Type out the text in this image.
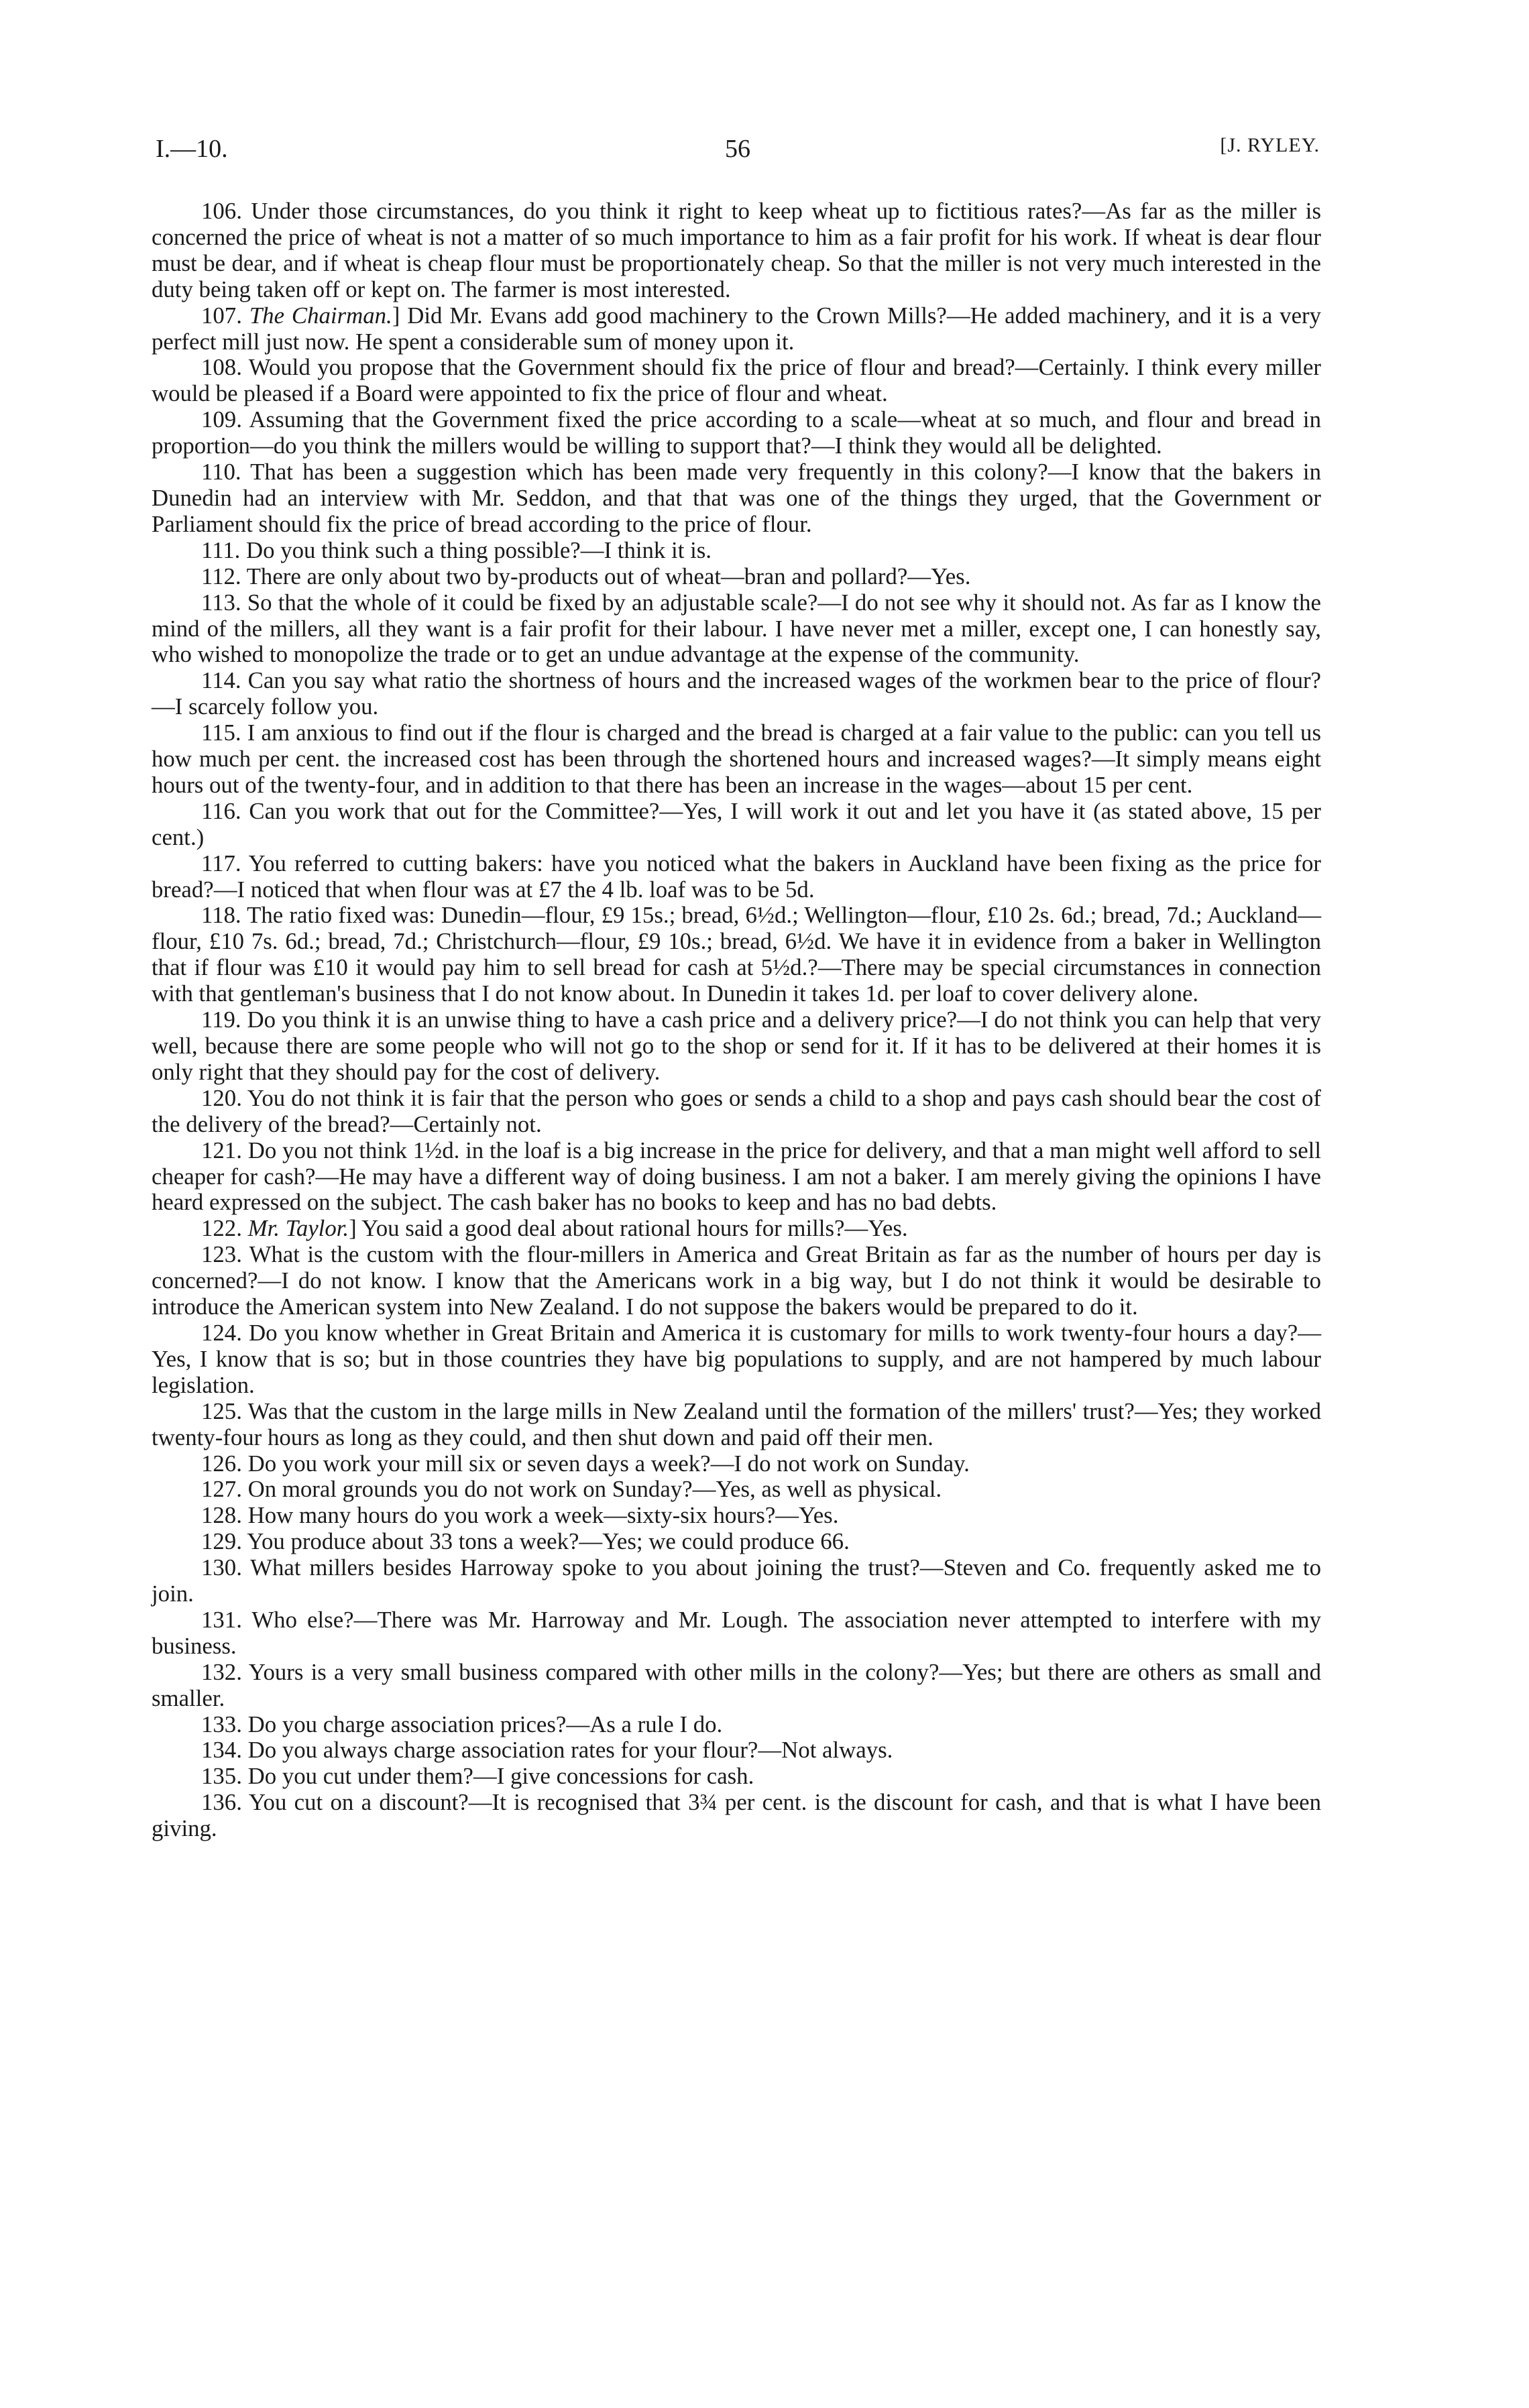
I.—10.	56	[J. RYLEY.

106. Under those circumstances, do you think it right to keep wheat up to fictitious rates?—As far as the miller is concerned the price of wheat is not a matter of so much importance to him as a fair profit for his work. If wheat is dear flour must be dear, and if wheat is cheap flour must be proportionately cheap. So that the miller is not very much interested in the duty being taken off or kept on. The farmer is most interested.

107. The Chairman.] Did Mr. Evans add good machinery to the Crown Mills?—He added machinery, and it is a very perfect mill just now. He spent a considerable sum of money upon it.

108. Would you propose that the Government should fix the price of flour and bread?—Certainly. I think every miller would be pleased if a Board were appointed to fix the price of flour and wheat.

109. Assuming that the Government fixed the price according to a scale—wheat at so much, and flour and bread in proportion—do you think the millers would be willing to support that?—I think they would all be delighted.

110. That has been a suggestion which has been made very frequently in this colony?—I know that the bakers in Dunedin had an interview with Mr. Seddon, and that that was one of the things they urged, that the Government or Parliament should fix the price of bread according to the price of flour.

111. Do you think such a thing possible?—I think it is.

112. There are only about two by-products out of wheat—bran and pollard?—Yes.

113. So that the whole of it could be fixed by an adjustable scale?—I do not see why it should not. As far as I know the mind of the millers, all they want is a fair profit for their labour. I have never met a miller, except one, I can honestly say, who wished to monopolize the trade or to get an undue advantage at the expense of the community.

114. Can you say what ratio the shortness of hours and the increased wages of the workmen bear to the price of flour?—I scarcely follow you.

115. I am anxious to find out if the flour is charged and the bread is charged at a fair value to the public: can you tell us how much per cent. the increased cost has been through the shortened hours and increased wages?—It simply means eight hours out of the twenty-four, and in addition to that there has been an increase in the wages—about 15 per cent.

116. Can you work that out for the Committee?—Yes, I will work it out and let you have it (as stated above, 15 per cent.)

117. You referred to cutting bakers: have you noticed what the bakers in Auckland have been fixing as the price for bread?—I noticed that when flour was at £7 the 4 lb. loaf was to be 5d.

118. The ratio fixed was: Dunedin—flour, £9 15s.; bread, 6½d.; Wellington—flour, £10 2s. 6d.; bread, 7d.; Auckland—flour, £10 7s. 6d.; bread, 7d.; Christchurch—flour, £9 10s.; bread, 6½d. We have it in evidence from a baker in Wellington that if flour was £10 it would pay him to sell bread for cash at 5½d.?—There may be special circumstances in connection with that gentleman's business that I do not know about. In Dunedin it takes 1d. per loaf to cover delivery alone.

119. Do you think it is an unwise thing to have a cash price and a delivery price?—I do not think you can help that very well, because there are some people who will not go to the shop or send for it. If it has to be delivered at their homes it is only right that they should pay for the cost of delivery.

120. You do not think it is fair that the person who goes or sends a child to a shop and pays cash should bear the cost of the delivery of the bread?—Certainly not.

121. Do you not think 1½d. in the loaf is a big increase in the price for delivery, and that a man might well afford to sell cheaper for cash?—He may have a different way of doing business. I am not a baker. I am merely giving the opinions I have heard expressed on the subject. The cash baker has no books to keep and has no bad debts.

122. Mr. Taylor.] You said a good deal about rational hours for mills?—Yes.

123. What is the custom with the flour-millers in America and Great Britain as far as the number of hours per day is concerned?—I do not know. I know that the Americans work in a big way, but I do not think it would be desirable to introduce the American system into New Zealand. I do not suppose the bakers would be prepared to do it.

124. Do you know whether in Great Britain and America it is customary for mills to work twenty-four hours a day?—Yes, I know that is so; but in those countries they have big populations to supply, and are not hampered by much labour legislation.

125. Was that the custom in the large mills in New Zealand until the formation of the millers' trust?—Yes; they worked twenty-four hours as long as they could, and then shut down and paid off their men.

126. Do you work your mill six or seven days a week?—I do not work on Sunday.

127. On moral grounds you do not work on Sunday?—Yes, as well as physical.

128. How many hours do you work a week—sixty-six hours?—Yes.

129. You produce about 33 tons a week?—Yes; we could produce 66.

130. What millers besides Harroway spoke to you about joining the trust?—Steven and Co. frequently asked me to join.

131. Who else?—There was Mr. Harroway and Mr. Lough. The association never attempted to interfere with my business.

132. Yours is a very small business compared with other mills in the colony?—Yes; but there are others as small and smaller.

133. Do you charge association prices?—As a rule I do.

134. Do you always charge association rates for your flour?—Not always.

135. Do you cut under them?—I give concessions for cash.

136. You cut on a discount?—It is recognised that 3¾ per cent. is the discount for cash, and that is what I have been giving.
